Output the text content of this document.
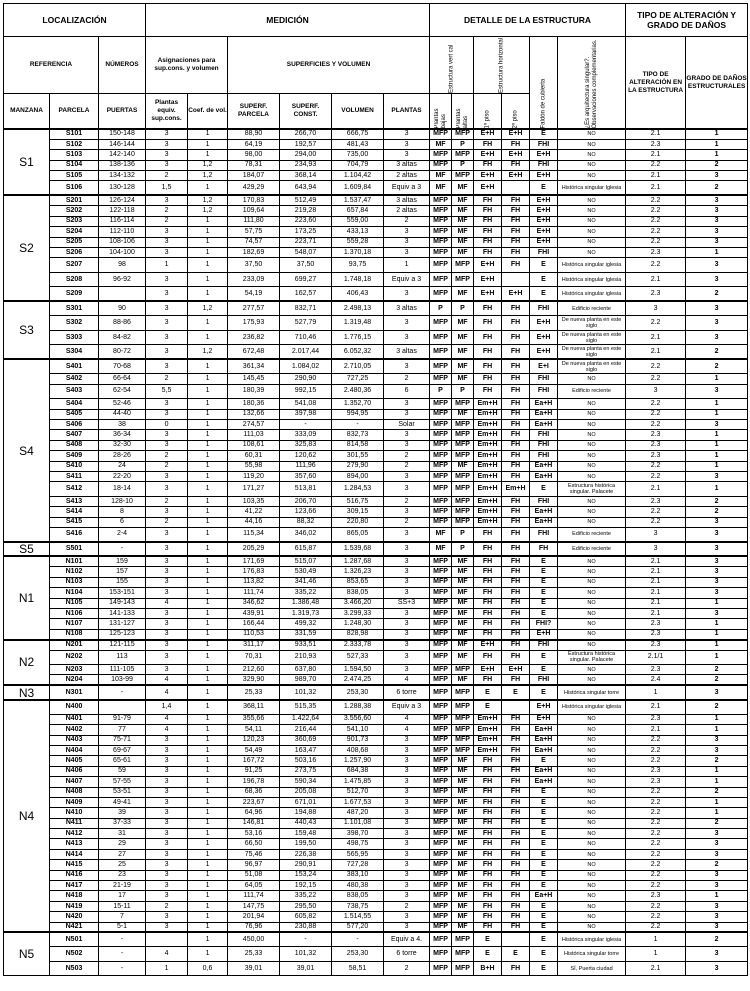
LOCALIZACIÓN			MEDICIÓN						DETALLE DE LA ESTRUCTURA						TIPO DE ALTERACIÓN Y GRADO DE DAÑOS	
REFERENCIA		NÚMEROS	Asignaciones para sup.cons. y volumen		SUPERFICIES Y VOLUMEN				Estructura vert cal		Estructura horizontal		Faldón de cubierta	¿Es arquitectura singular?. Observaciones complementarias.	TIPO DE ALTERACIÓN EN LA ESTRUCTURA	GRADO DE DAÑOS ESTRUCTURALES
MANZANA	PARCELA	PUERTAS	Plantas equiv. sup.cons.	Coef. de vol.	SUPERF. PARCELA	SUPERF. CONST.	VOLUMEN	PLANTAS	Plantas bajas	Plantas altas	1º piso	2º piso				
S1	S101	150-148	3	1	88,90	266,70	666,75	3	MFP	MFP	E+H	E+H	E	NO	2.1	1
	S102	146-144	3	1	64,19	192,57	481,43	3	MF	P	FH	FH	FHI	NO	2.3	1
	S103	142-140	3	1	98,00	294,00	735,00	3	MFP	MFP	E+H	E+H	E+H	NO	2.1	1
	S104	138-136	3	1,2	78,31	234,93	704,79	3 altas	MFP	P	FH	FH	FHI	NO	2.2	2
	S105	134-132	2	1,2	184,07	368,14	1.104,42	2 altas	MF	MFP	E+H	E+H	E+H	NO	2.1	3
	S106	130-128	1,5	1	429,29	643,94	1.609,84	Equiv a 3	MF	MF	E+H		E	Histórica singular Iglesia	2.1	2
S2	S201	126-124	3	1,2	170,83	512,49	1.537,47	3 altas	MFP	MF	FH	FH	E+H	NO	2.2	3
	S202	122-118	2	1,2	109,64	219,28	657,84	2 altas	MFP	MF	FH	FH	E+H	NO	2.2	3
	S203	116-114	2	1	111,80	223,60	559,00	2	MFP	MF	FH	FH	E+H	NO	2.2	3
	S204	112-110	3	1	57,75	173,25	433,13	3	MFP	MF	FH	FH	E+H	NO	2.2	3
	S205	108-106	3	1	74,57	223,71	559,28	3	MFP	MF	FH	FH	E+H	NO	2.2	3
	S206	104-100	3	1	182,69	548,07	1.370,18	3	MFP	MF	FH	FH	FHI	NO	2.3	1
	S207	98	1	1	37,50	37,50	93,75	1	MFP	MFP	E+H	FH	E	Histórica singular iglesia	2.2	3
	S208	96-92	3	1	233,09	699,27	1.748,18	Equiv a 3	MFP	MFP	E+H		E	Histórica singular Iglesia	2.1	3
	S209		3	1	54,19	162,57	406,43	3	MFP	MF	E+H	E+H	E	Histórica singular iglesia	2.3	2
S3	S301	90	3	1,2	277,57	832,71	2.498,13	3 altas	P	P	FH	FH	FHI	Edificio reciente	3	3
	S302	88-86	3	1	175,93	527,79	1.319,48	3	MFP	MF	FH	FH	E+H	De nueva planta en este siglo	2.2	3
	S303	84-82	3	1	236,82	710,46	1.776,15	3	MFP	MF	FH	FH	E+H	De nueva planta en este siglo	2.1	3
	S304	80-72	3	1,2	672,48	2.017,44	6.052,32	3 altas	MFP	MF	FH	FH	E+H	De nueva planta en este siglo	2.1	2
S4	S401	70-68	3	1	361,34	1.084,02	2.710,05	3	MFP	MF	FH	FH	E+I	De nueva planta en este siglo	2.2	2
	S402	66-64	2	1	145,45	290,90	727,25	2	MFP	MF	FH	FH	FHI	NO	2.2	1
	S403	62-54	5,5	1	180,39	992,15	2.480,36	6	P	P	FH	FH	FHI	Edificio reciente	3	3
	S404	52-46	3	1	180,36	541,08	1.352,70	3	MFP	MFP	Em+H	FH	Ea+H	NO	2.2	1
	S405	44-40	3	1	132,66	397,98	994,95	3	MFP	MF	Em+H	FH	Ea+H	NO	2.2	1
	S406	38	0	1	274,57	-	-	Solar	MFP	MFP	Em+H	FH	Ea+H	NO	2.2	3
	S407	36-34	3	1	111,03	333,09	832,73	3	MFP	MFP	Em+H	FH	FHI	NO	2.3	1
	S408	32-30	3	1	108,61	325,83	814,58	3	MFP	MFP	Em+H	FH	FHI	NO	2.3	1
	S409	28-26	2	1	60,31	120,62	301,55	2	MFP	MFP	Em+H	FH	FHI	NO	2.3	1
	S410	24	2	1	55,98	111,96	279,90	2	MFP	MF	Em+H	FH	Ea+H	NO	2.2	1
	S411	22-20	3	1	119,20	357,60	894,00	3	MFP	MFP	Em+H	FH	Ea+H	NO	2.2	3
	S412	18-14	3	1	171,27	513,81	1.284,53	3	MFP	MFP	Em+H	Em+H	E	Estructura histórica singular. Palacete	2.1	1
	S413	128-10	2	1	103,35	206,70	516,75	2	MFP	MFP	Em+H	FH	FHI	NO	2.3	2
	S414	8	3	1	41,22	123,66	309,15	3	MFP	MFP	Em+H	FH	Ea+H	NO	2.2	2
	S415	6	2	1	44,16	88,32	220,80	2	MFP	MFP	Em+H	FH	Ea+H	NO	2.2	3
	S416	2-4	3	1	115,34	346,02	865,05	3	MF	P	FH	FH	FHI	Edificio reciente	3	3
S5	S501	-	3	1	205,29	615,87	1.539,68	3	MF	P	FH	FH	FH	Edificio reciente	3	3
N1	N101	159	3	1	171,69	515,07	1.287,68	3	MFP	MF	FH	FH	E	NO	2.1	3
	N102	157	3	1	176,83	530,49	1.326,23	3	MFP	MF	FH	FH	E	NO	2.1	3
	N103	155	3	1	113,82	341,46	853,65	3	MFP	MF	FH	FH	E	NO	2.1	3
	N104	153-151	3	1	111,74	335,22	838,05	3	MFP	MF	FH	FH	E	NO	2.1	3
	N105	149-143	4	1	346,62	1.386,48	3.466,20	SS+3	MFP	MF	FH	FH	E	NO	2.1	1
	N106	141-133	3	1	439,91	1.319,73	3.299,33	3	MFP	MF	FH	FH	E	NO	2.1	3
	N107	131-127	3	1	166,44	499,32	1.248,30	3	MFP	MF	FH	FH	FHI?	NO	2.3	1
	N108	125-123	3	1	110,53	331,59	828,98	3	MFP	MF	FH	FH	E+H	NO	2.3	1
N2	N201	121-115	3	1	311,17	933,51	2.333,78	3	MFP	MF	E+H	FH	FHI	NO	2.3	1
	N202	113	3	1	70,31	210,93	527,33	3	MFP	MF	FH	FH	E	Estructura histórica singular. Palacete	2.1/1	1
	N203	111-105	3	1	212,60	637,80	1.594,50	3	MFP	MFP	E+H	E+H	E	NO	2.3	2
	N204	103-99	4	1	329,90	989,70	2.474,25	4	MFP	MF	FH	FH	FHI	NO	2.4	2
N3	N301	-	4	1	25,33	101,32	253,30	6 torre	MFP	MFP	E	E	E	Histórica singular torre	1	3
N4	N400		1,4	1	368,11	515,35	1.288,38	Equiv a 3	MFP	MFP	E		E+H	Histórica singular iglesia	2.1	2
	N401	91-79	4	1	355,66	1.422,64	3.556,60	4	MFP	MFP	Em+H	FH	E+H	NO	2.3	1
	N402	77	4	1	54,11	216,44	541,10	4	MFP	MFP	Em+H	FH	Ea+H	NO	2.1	1
	N403	75-71	3	1	120,23	360,69	901,73	3	MFP	MFP	Em+H	FH	Ea+H	NO	2.2	3
	N404	69-67	3	1	54,49	163,47	408,68	3	MFP	MFP	Em+H	FH	Ea+H	NO	2.2	3
	N405	65-61	3	1	167,72	503,16	1.257,90	3	MFP	MF	FH	FH	E	NO	2.2	2
	N406	59	3	1	91,25	273,75	684,38	3	MFP	MF	FH	FH	Ea+H	NO	2.3	1
	N407	57-55	3	1	196,78	590,34	1.475,85	3	MFP	MF	FH	FH	Ea+H	NO	2.3	1
	N408	53-51	3	1	68,36	205,08	512,70	3	MFP	MF	FH	FH	E	NO	2.2	2
	N409	49-41	3	1	223,67	671,01	1.677,53	3	MFP	MF	FH	FH	E	NO	2.2	1
	N410	39	3	1	64,96	194,88	487,20	3	MFP	MF	FH	FH	E	NO	2.2	1
	N411	37-33	3	1	146,81	440,43	1.101,08	3	MFP	MF	FH	FH	E	NO	2.2	2
	N412	31	3	1	53,16	159,48	398,70	3	MFP	MF	FH	FH	E	NO	2.2	3
	N413	29	3	1	66,50	199,50	498,75	3	MFP	MF	FH	FH	E	NO	2.2	3
	N414	27	3	1	75,46	226,38	565,95	3	MFP	MF	FH	FH	E	NO	2.2	3
	N415	25	3	1	96,97	290,91	727,28	3	MFP	MF	FH	FH	E	NO	2.2	2
	N416	23	3	1	51,08	153,24	383,10	3	MFP	MF	FH	FH	E	NO	2.2	3
	N417	21-19	3	1	64,05	192,15	480,38	3	MFP	MF	FH	FH	E	NO	2.2	3
	N418	17	3	1	111,74	335,22	838,05	3	MFP	MF	FH	FH	Ea+H	NO	2.3	1
	N419	15-11	2	1	147,75	295,50	738,75	2	MFP	MF	FH	FH	E	NO	2.2	3
	N420	7	3	1	201,94	605,82	1.514,55	3	MFP	MF	FH	FH	E	NO	2.2	3
	N421	5-1	3	1	76,96	230,88	577,20	3	MFP	MF	FH	FH	E	NO	2.2	3
N5	N501	-		1	450,00	-	-	Equiv a 4.	MFP	MFP	E		E	Histórica singular iglesia	1	2
	N502	-	4	1	25,33	101,32	253,30	6 torre	MFP	MFP	E	E	E	Histórica singular torre	1	3
	N503	-	1	0,6	39,01	39,01	58,51	2	MFP	MFP	B+H	FH	E	SÍ, Puerta ciudad	2.1	3
